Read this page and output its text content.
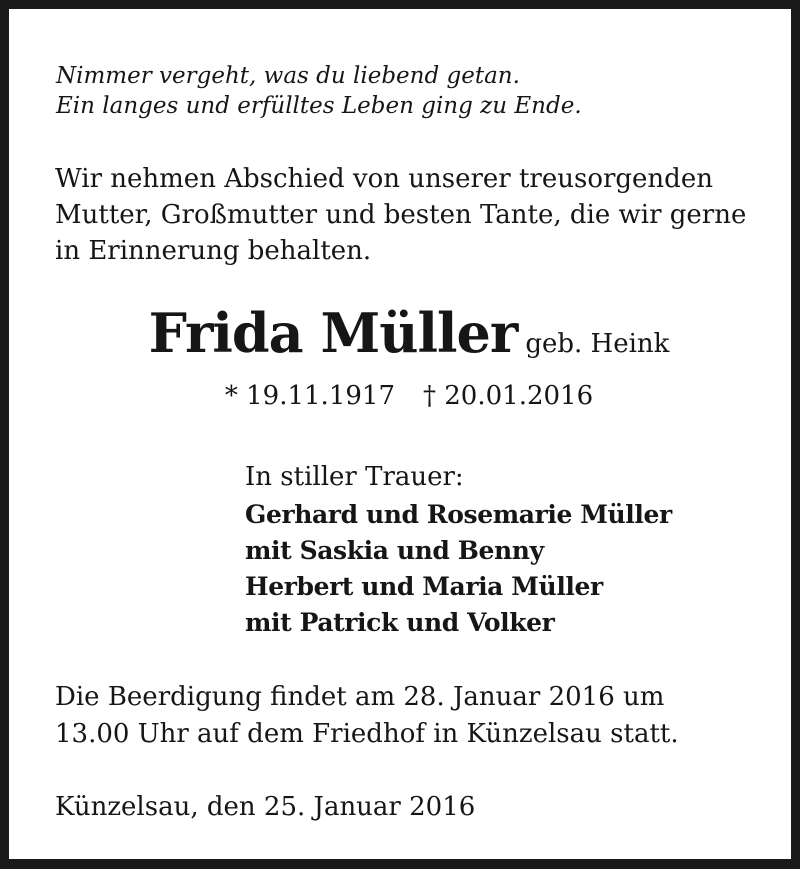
Nimmer vergeht, was du liebend getan.
Ein langes und erfülltes Leben ging zu Ende.
Wir nehmen Abschied von unserer treusorgenden
Mutter, Großmutter und besten Tante, die wir gerne
in Erinnerung behalten.
Frida Müller geb. Heink
* 19.11.1917 † 20.01.2016
In stiller Trauer:
Gerhard und Rosemarie Müller
mit Saskia und Benny
Herbert und Maria Müller
mit Patrick und Volker
Die Beerdigung findet am 28. Januar 2016 um
13.00 Uhr auf dem Friedhof in Künzelsau statt.
Künzelsau, den 25. Januar 2016
